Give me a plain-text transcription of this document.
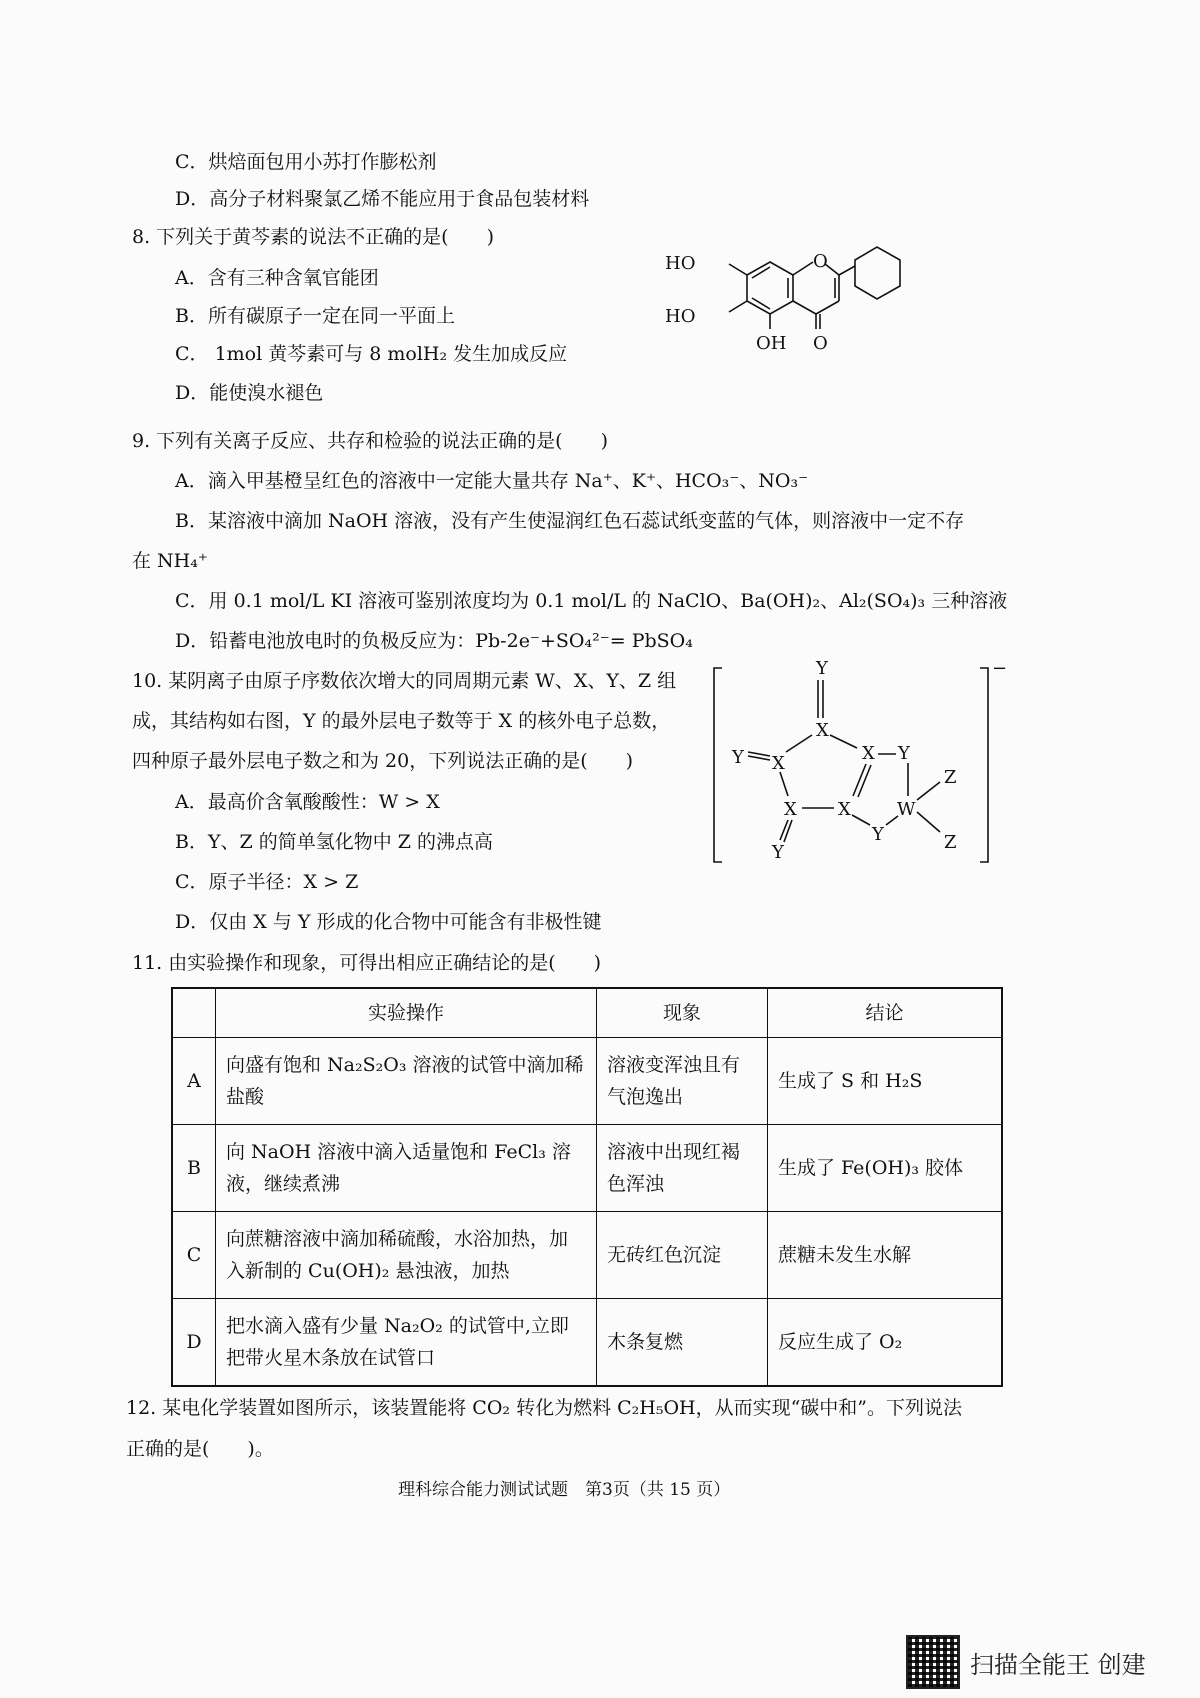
C．烘焙面包用小苏打作膨松剂
D．高分子材料聚氯乙烯不能应用于食品包装材料
8. 下列关于黄芩素的说法不正确的是(　　)
A．含有三种含氧官能团
B．所有碳原子一定在同一平面上
C． 1mol 黄芩素可与 8 molH₂ 发生加成反应
D．能使溴水褪色
HO
HO
OH O
O
9. 下列有关离子反应、共存和检验的说法正确的是(　　)
A．滴入甲基橙呈红色的溶液中一定能大量共存 Na⁺、K⁺、HCO₃⁻、NO₃⁻
B．某溶液中滴加 NaOH 溶液，没有产生使湿润红色石蕊试纸变蓝的气体，则溶液中一定不存
在 NH₄⁺
C．用 0.1 mol/L KI 溶液可鉴别浓度均为 0.1 mol/L 的 NaClO、Ba(OH)₂、Al₂(SO₄)₃ 三种溶液
D．铅蓄电池放电时的负极反应为：Pb-2e⁻+SO₄²⁻= PbSO₄
10. 某阴离子由原子序数依次增大的同周期元素 W、X、Y、Z 组
成，其结构如右图，Y 的最外层电子数等于 X 的核外电子总数，
四种原子最外层电子数之和为 20，下列说法正确的是(　　)
A．最高价含氧酸酸性：W > X
B．Y、Z 的简单氢化物中 Z 的沸点高
C．原子半径：X > Z
D．仅由 X 与 Y 形成的化合物中可能含有非极性键
−
Y
X
X
Y	X Y
X X	W
Y
Y
Z
Z
11. 由实验操作和现象，可得出相应正确结论的是(　　)
	实验操作	现象	结论
A	向盛有饱和 Na₂S₂O₃ 溶液的试管中滴加稀盐酸	溶液变浑浊且有气泡逸出	生成了 S 和 H₂S
B	向 NaOH 溶液中滴入适量饱和 FeCl₃ 溶液，继续煮沸	溶液中出现红褐色浑浊	生成了 Fe(OH)₃ 胶体
C	向蔗糖溶液中滴加稀硫酸，水浴加热，加入新制的 Cu(OH)₂ 悬浊液，加热	无砖红色沉淀	蔗糖未发生水解
D	把水滴入盛有少量 Na₂O₂ 的试管中,立即把带火星木条放在试管口	木条复燃	反应生成了 O₂
12. 某电化学装置如图所示，该装置能将 CO₂ 转化为燃料 C₂H₅OH，从而实现“碳中和”。下列说法
正确的是(　　)。
理科综合能力测试试题　第3页（共 15 页）
扫描全能王 创建
